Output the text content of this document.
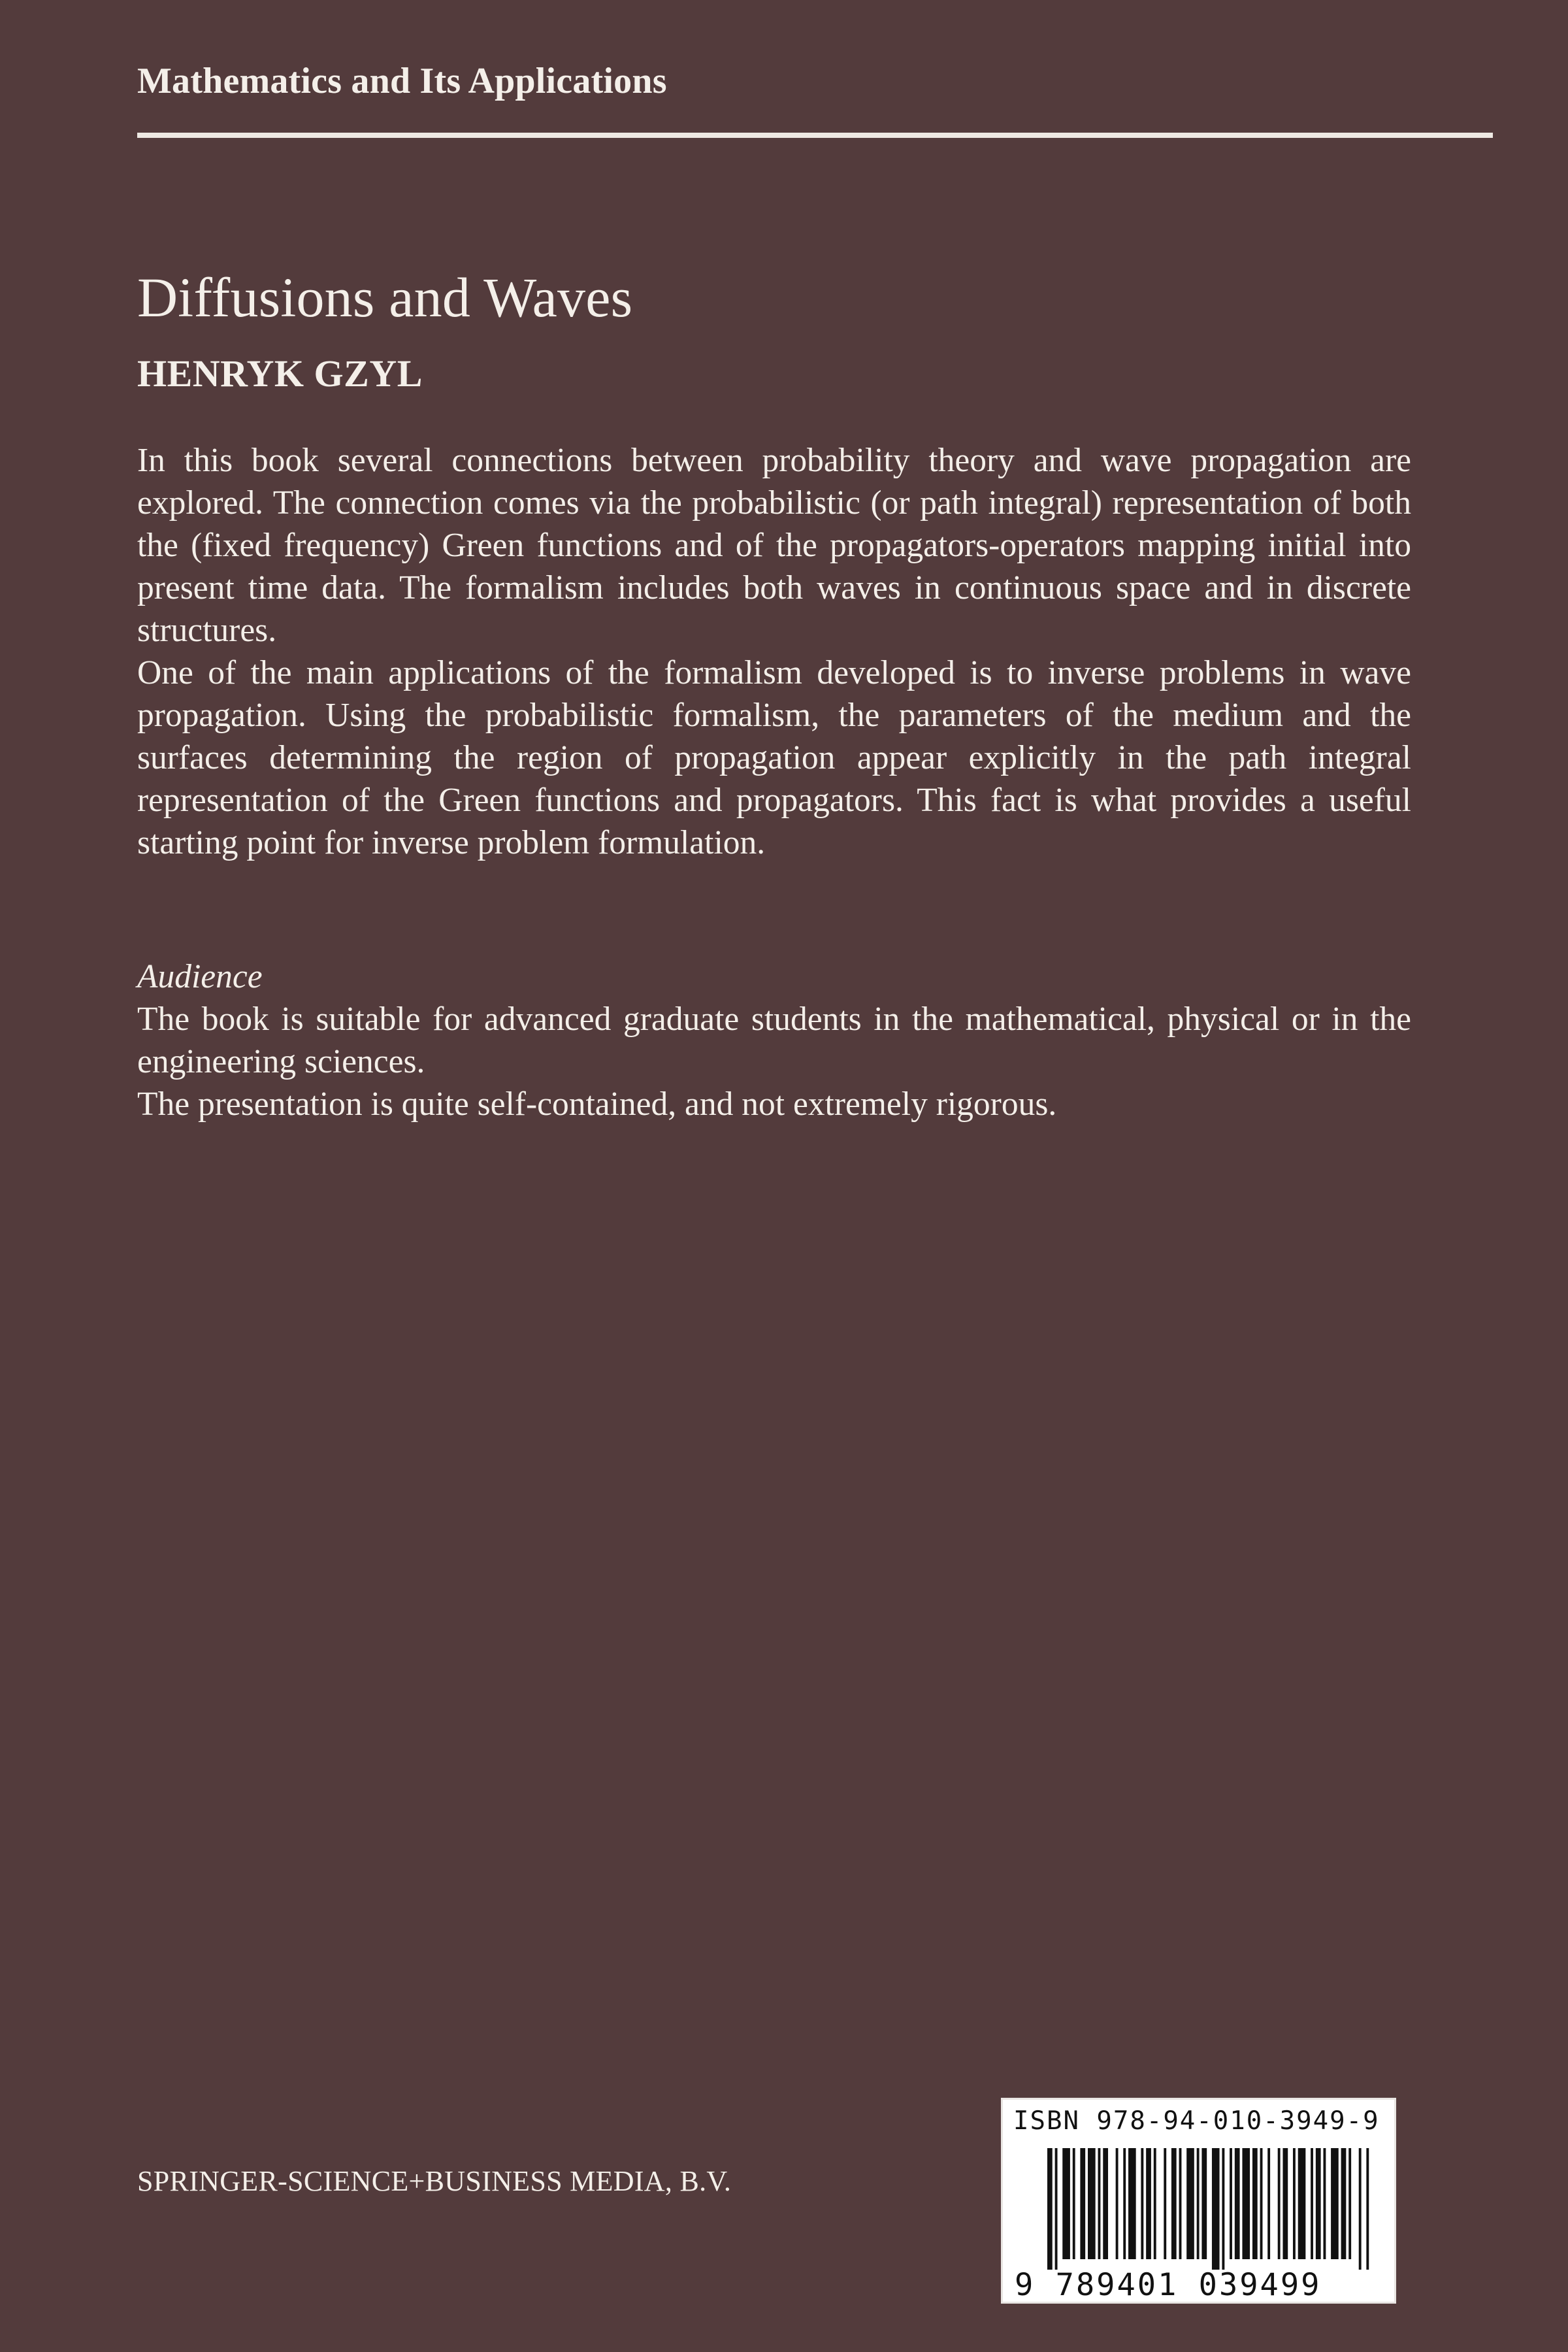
Mathematics and Its Applications
Diffusions and Waves
HENRYK GZYL

In this book several connections between probability theory and wave propagation are explored. The connection comes via the probabilistic (or path integral) representation of both the (fixed frequency) Green functions and of the propagators-operators mapping initial into present time data. The formalism includes both waves in continuous space and in discrete structures.

One of the main applications of the formalism developed is to inverse problems in wave propagation. Using the probabilistic formalism, the parameters of the medium and the surfaces determining the region of propagation appear explicitly in the path integral representation of the Green functions and propagators. This fact is what provides a useful starting point for inverse problem formulation.

Audience

The book is suitable for advanced graduate students in the mathematical, physical or in the engineering sciences.

The presentation is quite self-contained, and not extremely rigorous.

SPRINGER-SCIENCE+BUSINESS MEDIA, B.V.
ISBN 978-94-010-3949-9
9 789401 039499
